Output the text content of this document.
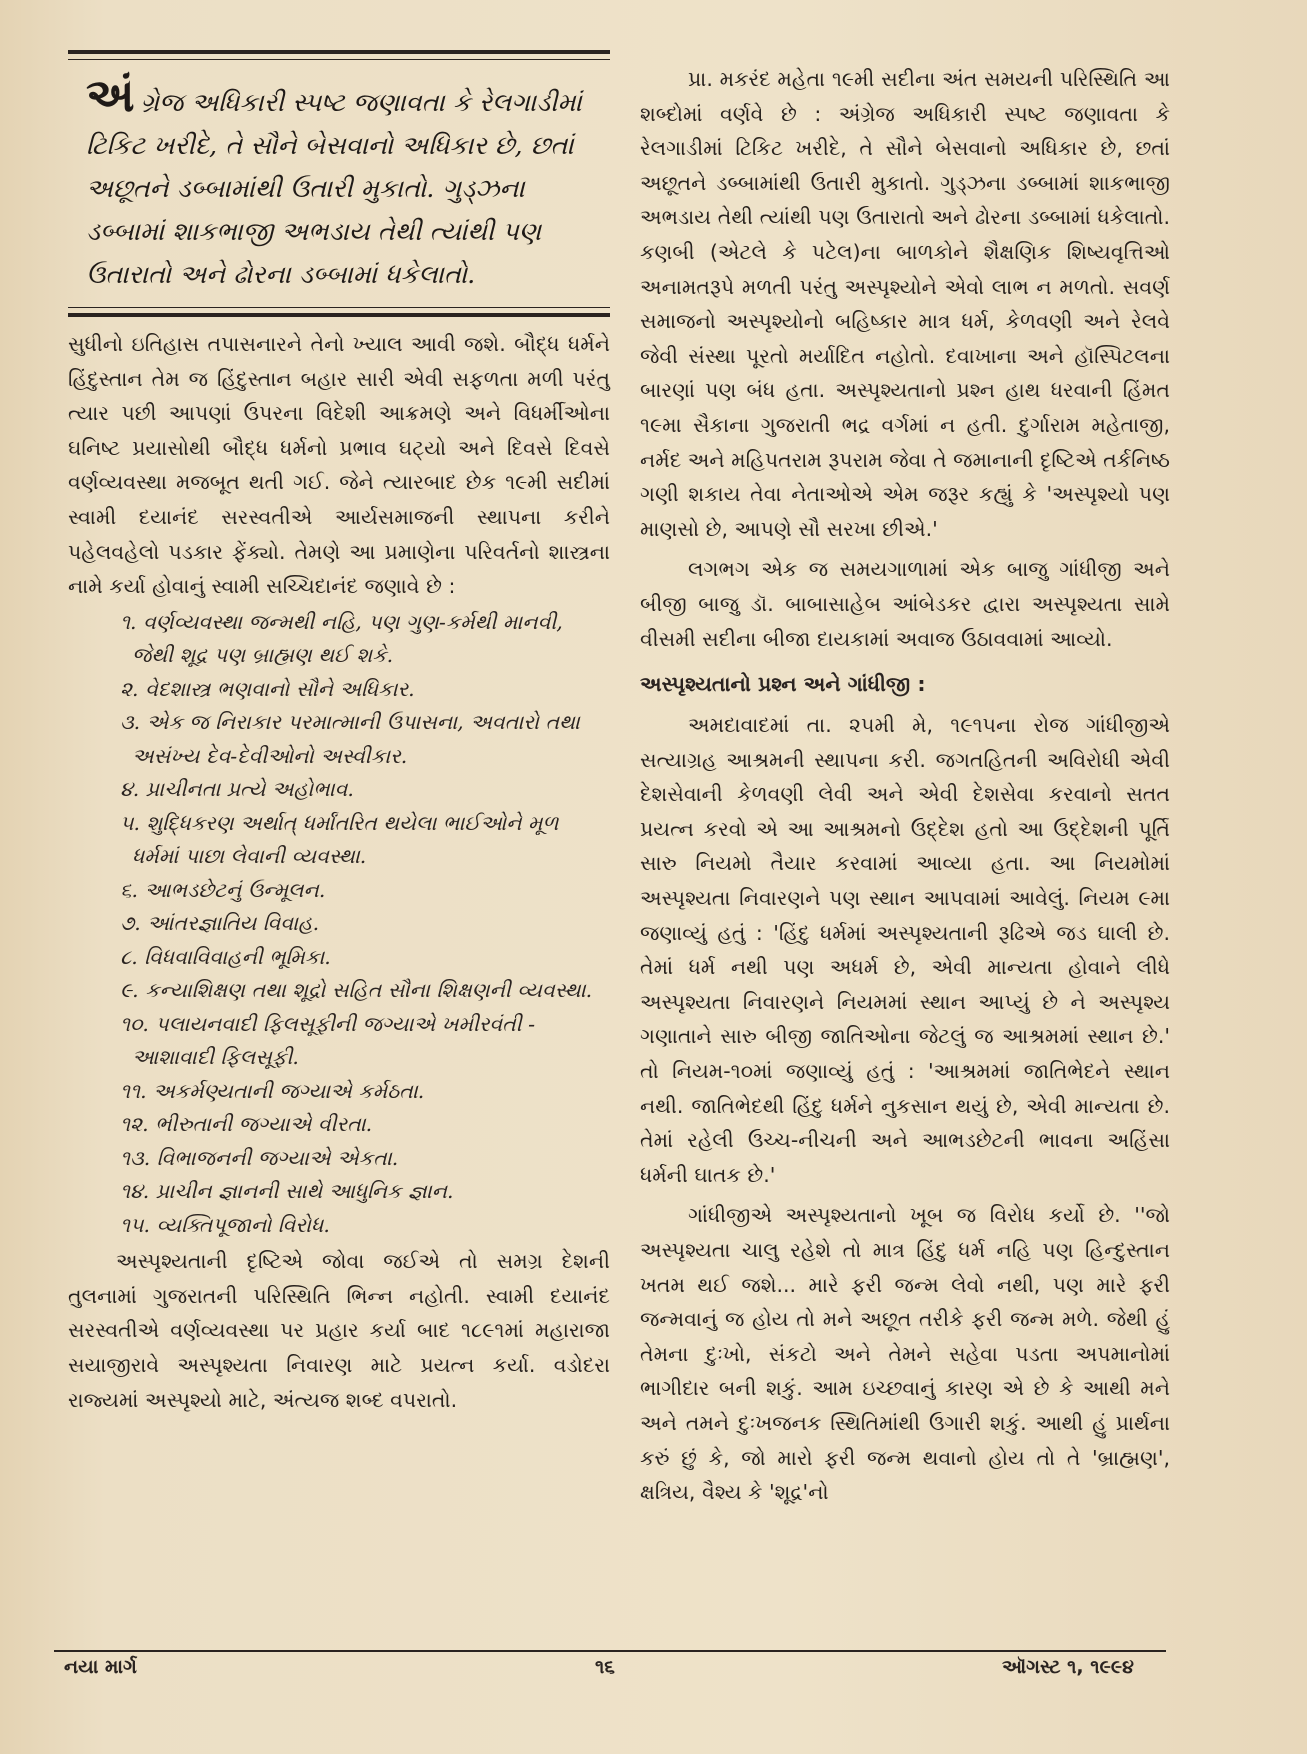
અંગ્રેજ અધિકારી સ્પષ્ટ જણાવતા કે રેલગાડીમાં ટિકિટ ખરીદે, તે સૌને બેસવાનો અધિકાર છે, છતાં અછૂતને ડબ્બામાંથી ઉતારી મુકાતો. ગુડ્ઝના ડબ્બામાં શાકભાજી અભડાય તેથી ત્યાંથી પણ ઉતારાતો અને ઢોરના ડબ્બામાં ધકેલાતો.

સુધીનો ઇતિહાસ તપાસનારને તેનો ખ્યાલ આવી જશે. બૌદ્ધ ધર્મને હિંદુસ્તાન તેમ જ હિંદુસ્તાન બહાર સારી એવી સફળતા મળી પરંતુ ત્યાર પછી આપણાં ઉપરના વિદેશી આક્રમણે અને વિધર્મીઓના ઘનિષ્ટ પ્રયાસોથી બૌદ્ધ ધર્મનો પ્રભાવ ઘટ્યો અને દિવસે દિવસે વર્ણવ્યવસ્થા મજબૂત થતી ગઈ. જેને ત્યારબાદ છેક ૧૯મી સદીમાં સ્વામી દયાનંદ સરસ્વતીએ આર્યસમાજની સ્થાપના કરીને પહેલવહેલો પડકાર ફેંક્યો. તેમણે આ પ્રમાણેના પરિવર્તનો શાસ્ત્રના નામે કર્યા હોવાનું સ્વામી સચ્ચિદાનંદ જણાવે છે :

૧. વર્ણવ્યવસ્થા જન્મથી નહિ, પણ ગુણ-કર્મથી માનવી, જેથી શૂદ્ર પણ બ્રાહ્મણ થઈ શકે.
૨. વેદશાસ્ત્ર ભણવાનો સૌને અધિકાર.
૩. એક જ નિરાકાર પરમાત્માની ઉપાસના, અવતારો તથા અસંખ્ય દેવ-દેવીઓનો અસ્વીકાર.
૪. પ્રાચીનતા પ્રત્યે અહોભાવ.
૫. શુદ્ધિકરણ અર્થાત્ ધર્માંતરિત થયેલા ભાઈઓને મૂળ ધર્મમાં પાછા લેવાની વ્યવસ્થા.
૬. આભડછેટનું ઉન્મૂલન.
૭. આંતરજ્ઞાતિય વિવાહ.
૮. વિધવાવિવાહની ભૂમિકા.
૯. કન્યાશિક્ષણ તથા શૂદ્રો સહિત સૌના શિક્ષણની વ્યવસ્થા.
૧૦. પલાયનવાદી ફિલસૂફીની જગ્યાએ ખમીરવંતી - આશાવાદી ફિલસૂફી.
૧૧. અકર્મણ્યતાની જગ્યાએ કર્મઠતા.
૧૨. ભીરુતાની જગ્યાએ વીરતા.
૧૩. વિભાજનની જગ્યાએ એકતા.
૧૪. પ્રાચીન જ્ઞાનની સાથે આધુનિક જ્ઞાન.
૧૫. વ્યક્તિપૂજાનો વિરોધ.

અસ્પૃશ્યતાની દૃષ્ટિએ જોવા જઈએ તો સમગ્ર દેશની તુલનામાં ગુજરાતની પરિસ્થિતિ ભિન્ન નહોતી. સ્વામી દયાનંદ સરસ્વતીએ વર્ણવ્યવસ્થા પર પ્રહાર કર્યા બાદ ૧૮૯૧માં મહારાજા સયાજીરાવે અસ્પૃશ્યતા નિવારણ માટે પ્રયત્ન કર્યા. વડોદરા રાજ્યમાં અસ્પૃશ્યો માટે, અંત્યજ શબ્દ વપરાતો.

પ્રા. મકરંદ મહેતા ૧૯મી સદીના અંત સમયની પરિસ્થિતિ આ શબ્દોમાં વર્ણવે છે : અંગ્રેજ અધિકારી સ્પષ્ટ જણાવતા કે રેલગાડીમાં ટિકિટ ખરીદે, તે સૌને બેસવાનો અધિકાર છે, છતાં અછૂતને ડબ્બામાંથી ઉતારી મુકાતો. ગુડ્ઝના ડબ્બામાં શાકભાજી અભડાય તેથી ત્યાંથી પણ ઉતારાતો અને ઢોરના ડબ્બામાં ધકેલાતો. કણબી (એટલે કે પટેલ)ના બાળકોને શૈક્ષણિક શિષ્યવૃત્તિઓ અનામતરૂપે મળતી પરંતુ અસ્પૃશ્યોને એવો લાભ ન મળતો. સવર્ણ સમાજનો અસ્પૃશ્યોનો બહિષ્કાર માત્ર ધર્મ, કેળવણી અને રેલવે જેવી સંસ્થા પૂરતો મર્યાદિત નહોતો. દવાખાના અને હૉસ્પિટલના બારણાં પણ બંધ હતા. અસ્પૃશ્યતાનો પ્રશ્ન હાથ ધરવાની હિંમત ૧૯મા સૈકાના ગુજરાતી ભદ્ર વર્ગમાં ન હતી. દુર્ગારામ મહેતાજી, નર્મદ અને મહિપતરામ રૂપરામ જેવા તે જમાનાની દૃષ્ટિએ તર્કનિષ્ઠ ગણી શકાય તેવા નેતાઓએ એમ જરૂર કહ્યું કે 'અસ્પૃશ્યો પણ માણસો છે, આપણે સૌ સરખા છીએ.'

લગભગ એક જ સમયગાળામાં એક બાજુ ગાંધીજી અને બીજી બાજુ ડૉ. બાબાસાહેબ આંબેડકર દ્વારા અસ્પૃશ્યતા સામે વીસમી સદીના બીજા દાયકામાં અવાજ ઉઠાવવામાં આવ્યો.

અસ્પૃશ્યતાનો પ્રશ્ન અને ગાંધીજી :

અમદાવાદમાં તા. ૨૫મી મે, ૧૯૧૫ના રોજ ગાંધીજીએ સત્યાગ્રહ આશ્રમની સ્થાપના કરી. જગતહિતની અવિરોધી એવી દેશસેવાની કેળવણી લેવી અને એવી દેશસેવા કરવાનો સતત પ્રયત્ન કરવો એ આ આશ્રમનો ઉદ્દેશ હતો આ ઉદ્દેશની પૂર્તિ સારુ નિયમો તૈયાર કરવામાં આવ્યા હતા. આ નિયમોમાં અસ્પૃશ્યતા નિવારણને પણ સ્થાન આપવામાં આવેલું. નિયમ ૯મા જણાવ્યું હતું : 'હિંદુ ધર્મમાં અસ્પૃશ્યતાની રૂઢિએ જડ ઘાલી છે. તેમાં ધર્મ નથી પણ અધર્મ છે, એવી માન્યતા હોવાને લીધે અસ્પૃશ્યતા નિવારણને નિયમમાં સ્થાન આપ્યું છે ને અસ્પૃશ્ય ગણાતાને સારુ બીજી જાતિઓના જેટલું જ આશ્રમમાં સ્થાન છે.' તો નિયમ-૧૦માં જણાવ્યું હતું : 'આશ્રમમાં જાતિભેદને સ્થાન નથી. જાતિભેદથી હિંદુ ધર્મને નુકસાન થયું છે, એવી માન્યતા છે. તેમાં રહેલી ઉચ્ચ-નીચની અને આભડછેટની ભાવના અહિંસા ધર્મની ઘાતક છે.'

ગાંધીજીએ અસ્પૃશ્યતાનો ખૂબ જ વિરોધ કર્યો છે. ''જો અસ્પૃશ્યતા ચાલુ રહેશે તો માત્ર હિંદુ ધર્મ નહિ પણ હિન્દુસ્તાન ખતમ થઈ જશે... મારે ફરી જન્મ લેવો નથી, પણ મારે ફરી જન્મવાનું જ હોય તો મને અછૂત તરીકે ફરી જન્મ મળે. જેથી હું તેમના દુઃખો, સંકટો અને તેમને સહેવા પડતા અપમાનોમાં ભાગીદાર બની શકું. આમ ઇચ્છવાનું કારણ એ છે કે આથી મને અને તમને દુઃખજનક સ્થિતિમાંથી ઉગારી શકું. આથી હું પ્રાર્થના કરું છું કે, જો મારો ફરી જન્મ થવાનો હોય તો તે 'બ્રાહ્મણ', ક્ષત્રિય, વૈશ્ય કે 'શૂદ્ર'નો

નયા માર્ગ	૧૬	ઑગસ્ટ ૧, ૧૯૯૪
